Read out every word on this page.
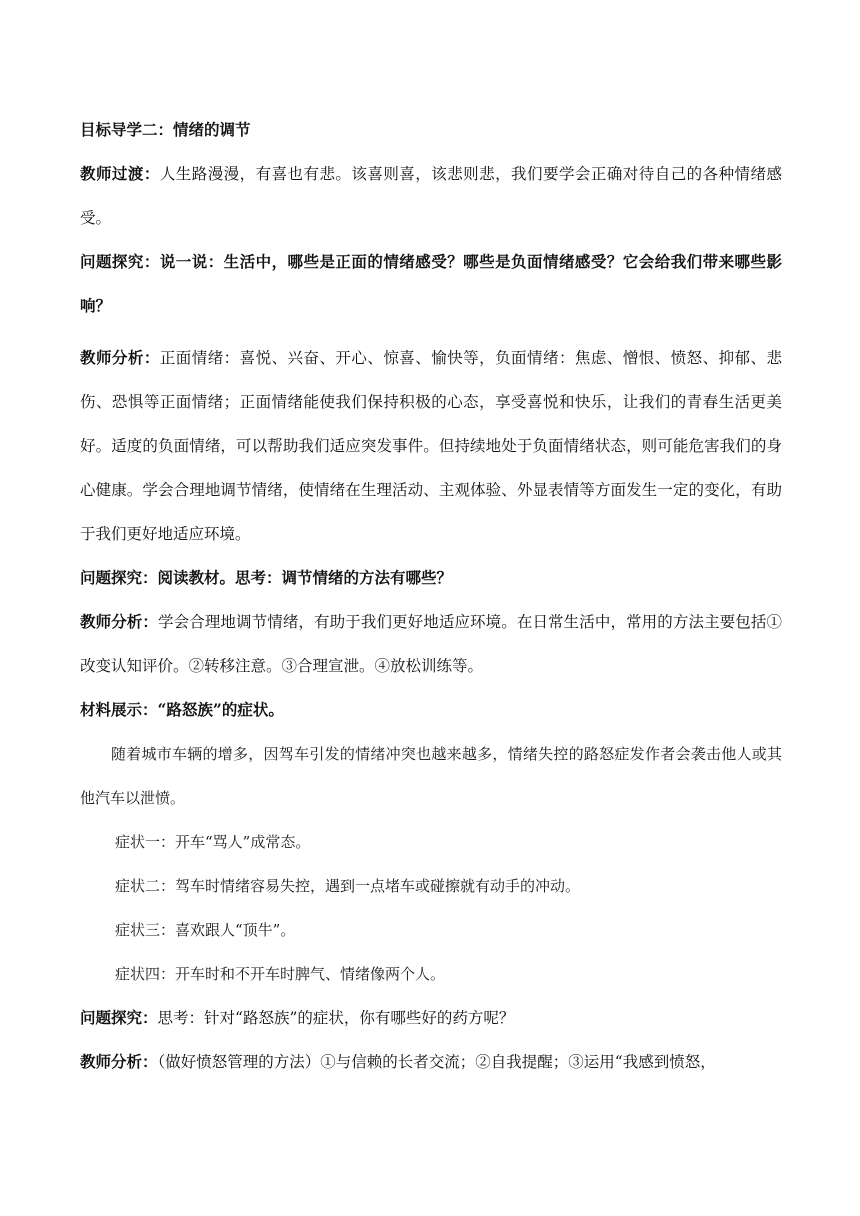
目标导学二：情绪的调节

教师过渡：人生路漫漫，有喜也有悲。该喜则喜，该悲则悲，我们要学会正确对待自己的各种情绪感受。

问题探究：说一说：生活中，哪些是正面的情绪感受？哪些是负面情绪感受？它会给我们带来哪些影响？

教师分析：正面情绪：喜悦、兴奋、开心、惊喜、愉快等，负面情绪：焦虑、憎恨、愤怒、抑郁、悲伤、恐惧等正面情绪；正面情绪能使我们保持积极的心态，享受喜悦和快乐，让我们的青春生活更美好。适度的负面情绪，可以帮助我们适应突发事件。但持续地处于负面情绪状态，则可能危害我们的身心健康。学会合理地调节情绪，使情绪在生理活动、主观体验、外显表情等方面发生一定的变化，有助于我们更好地适应环境。

问题探究：阅读教材。思考：调节情绪的方法有哪些？

教师分析：学会合理地调节情绪，有助于我们更好地适应环境。在日常生活中，常用的方法主要包括①改变认知评价。②转移注意。③合理宣泄。④放松训练等。

材料展示：“路怒族”的症状。

随着城市车辆的增多，因驾车引发的情绪冲突也越来越多，情绪失控的路怒症发作者会袭击他人或其他汽车以泄愤。

症状一：开车“骂人”成常态。

症状二：驾车时情绪容易失控，遇到一点堵车或碰擦就有动手的冲动。

症状三：喜欢跟人“顶牛”。

症状四：开车时和不开车时脾气、情绪像两个人。

问题探究：思考：针对“路怒族”的症状，你有哪些好的药方呢？

教师分析：（做好愤怒管理的方法）①与信赖的长者交流；②自我提醒；③运用“我感到愤怒，
